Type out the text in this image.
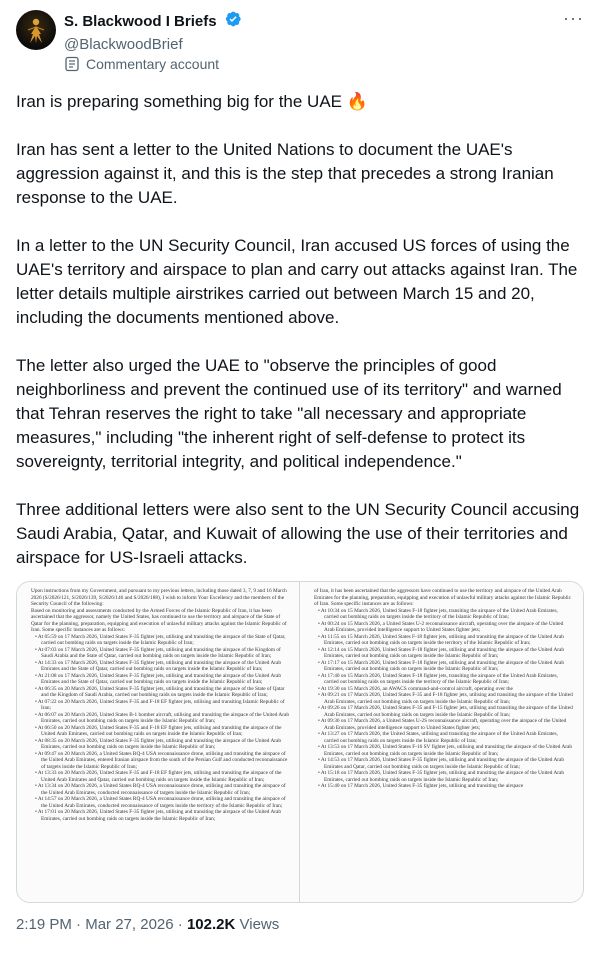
S. Blackwood I Briefs
@BlackwoodBrief
Commentary account
···

Iran is preparing something big for the UAE 🔥

Iran has sent a letter to the United Nations to document the UAE's aggression against it, and this is the step that precedes a strong Iranian response to the UAE.

In a letter to the UN Security Council, Iran accused US forces of using the UAE's territory and airspace to plan and carry out attacks against Iran. The letter details multiple airstrikes carried out between March 15 and 20, including the documents mentioned above.

The letter also urged the UAE to "observe the principles of good neighborliness and prevent the continued use of its territory" and warned that Tehran reserves the right to take "all necessary and appropriate measures," including "the inherent right of self-defense to protect its sovereignty, territorial integrity, and political independence."

Three additional letters were also sent to the UN Security Council accusing Saudi Arabia, Qatar, and Kuwait of allowing the use of their territories and airspace for US-Israeli attacks.

Upon instructions from my Government, and pursuant to my previous letters, including those dated 3, 7, 9 and 16 March 2026 (S/2026/121, S/2026/139, S/2026/146 and S/2026/188), I wish to inform Your Excellency and the members of the Security Council of the following:
Based on monitoring and assessments conducted by the Armed Forces of the Islamic Republic of Iran, it has been ascertained that the aggressor, namely the United States, has continued to use the territory and airspace of the State of Qatar for the planning, preparation, equipping and execution of unlawful military attacks against the Islamic Republic of Iran. Some specific instances are as follows:
• At 05:59 on 17 March 2026, United States F-35 fighter jets, utilising and transiting the airspace of the State of Qatar, carried out bombing raids on targets inside the Islamic Republic of Iran;
• At 07:03 on 17 March 2026, United States F-35 fighter jets, utilising and transiting the airspace of the Kingdom of Saudi Arabia and the State of Qatar, carried out bombing raids on targets inside the Islamic Republic of Iran;
• At 14:33 on 17 March 2026, United States F-35 fighter jets, utilising and transiting the airspace of the United Arab Emirates and the State of Qatar, carried out bombing raids on targets inside the Islamic Republic of Iran;
• At 21:08 on 17 March 2026, United States F-35 fighter jets, utilising and transiting the airspace of the United Arab Emirates and the State of Qatar, carried out bombing raids on targets inside the Islamic Republic of Iran;
• At 06:35 on 20 March 2026, United States F-35 fighter jets, utilising and transiting the airspace of the State of Qatar and the Kingdom of Saudi Arabia, carried out bombing raids on targets inside the Islamic Republic of Iran;
• At 07:22 on 20 March 2026, United States F-35 and F-18 EF fighter jets, utilising and transiting Islamic Republic of Iran;
• At 06:07 on 20 March 2026, United States B-1 bomber aircraft, utilising and transiting the airspace of the United Arab Emirates, carried out bombing raids on targets inside the Islamic Republic of Iran;
• At 06:50 on 20 March 2026, United States F-35 and F-18 EF fighter jets, utilising and transiting the airspace of the United Arab Emirates, carried out bombing raids on targets inside the Islamic Republic of Iran;
• At 08:35 on 20 March 2026, United States F-35 fighter jets, utilising and transiting the airspace of the United Arab Emirates, carried out bombing raids on targets inside the Islamic Republic of Iran;
• At 09:47 on 20 March 2026, a United States RQ-4 USA reconnaissance drone, utilising and transiting the airspace of the United Arab Emirates, entered Iranian airspace from the south of the Persian Gulf and conducted reconnaissance of targets inside the Islamic Republic of Iran;
• At 13:33 on 20 March 2026, United States F-35 and F-18 EF fighter jets, utilising and transiting the airspace of the United Arab Emirates and Qatar, carried out bombing raids on targets inside the Islamic Republic of Iran;
• At 13:34 on 20 March 2026, a United States RQ-4 USA reconnaissance drone, utilising and transiting the airspace of the United Arab Emirates, conducted reconnaissance of targets inside the Islamic Republic of Iran;
• At 14:57 on 20 March 2026, a United States RQ-4 USA reconnaissance drone, utilising and transiting the airspace of the United Arab Emirates, conducted reconnaissance of targets inside the territory of the Islamic Republic of Iran;
• At 17:01 on 20 March 2026, United States F-35 fighter jets, utilising and transiting the airspace of the United Arab Emirates, carried out bombing raids on targets inside the Islamic Republic of Iran;
of Iran, it has been ascertained that the aggressors have continued to use the territory and airspace of the United Arab Emirates for the planning, preparation, equipping and execution of unlawful military attacks against the Islamic Republic of Iran. Some specific instances are as follows:
• At 10:34 on 15 March 2026, United States F-18 fighter jets, transiting the airspace of the United Arab Emirates, carried out bombing raids on targets inside the territory of the Islamic Republic of Iran;
• At 00:24 on 15 March 2026, a United States U-2 reconnaissance aircraft, operating over the airspace of the United Arab Emirates, provided intelligence support to United States fighter jets;
• At 11:55 on 15 March 2026, United States F-18 fighter jets, utilising and transiting the airspace of the United Arab Emirates, carried out bombing raids on targets inside the territory of the Islamic Republic of Iran;
• At 12:14 on 15 March 2026, United States F-18 fighter jets, utilising and transiting the airspace of the United Arab Emirates, carried out bombing raids on targets inside the Islamic Republic of Iran;
• At 17:17 on 15 March 2026, United States F-18 fighter jets, utilising and transiting the airspace of the United Arab Emirates, carried out bombing raids on targets inside the Islamic Republic of Iran;
• At 17:40 on 15 March 2026, United States F-18 fighter jets, transiting the airspace of the United Arab Emirates, carried out bombing raids on targets inside the territory of the Islamic Republic of Iran;
• At 19:30 on 15 March 2026, an AWACS command-and-control aircraft, operating over the
• At 09:21 on 17 March 2026, United States F-35 and F-18 fighter jets, utilising and transiting the airspace of the United Arab Emirates, carried out bombing raids on targets inside the Islamic Republic of Iran;
• At 09:26 on 17 March 2026, United States F-35 and F-15 fighter jets, utilising and transiting the airspace of the United Arab Emirates, carried out bombing raids on targets inside the Islamic Republic of Iran;
• At 09:36 on 17 March 2026, a United States U-2S reconnaissance aircraft, operating over the airspace of the United Arab Emirates, provided intelligence support to United States fighter jets;
• At 13:27 on 17 March 2026, the United States, utilising and transiting the airspace of the United Arab Emirates, carried out bombing raids on targets inside the Islamic Republic of Iran;
• At 13:53 on 17 March 2026, United States F-16 SV fighter jets, utilising and transiting the airspace of the United Arab Emirates, carried out bombing raids on targets inside the Islamic Republic of Iran;
• At 14:53 on 17 March 2026, United States F-35 fighter jets, utilising and transiting the airspace of the United Arab Emirates and Qatar, carried out bombing raids on targets inside the Islamic Republic of Iran;
• At 15:18 on 17 March 2026, United States F-35 fighter jets, utilising and transiting the airspace of the United Arab Emirates, carried out bombing raids on targets inside the Islamic Republic of Iran;
• At 15:40 on 17 March 2026, United States F-35 fighter jets, utilising and transiting the airspace
2:19 PM · Mar 27, 2026 · 102.2K Views
